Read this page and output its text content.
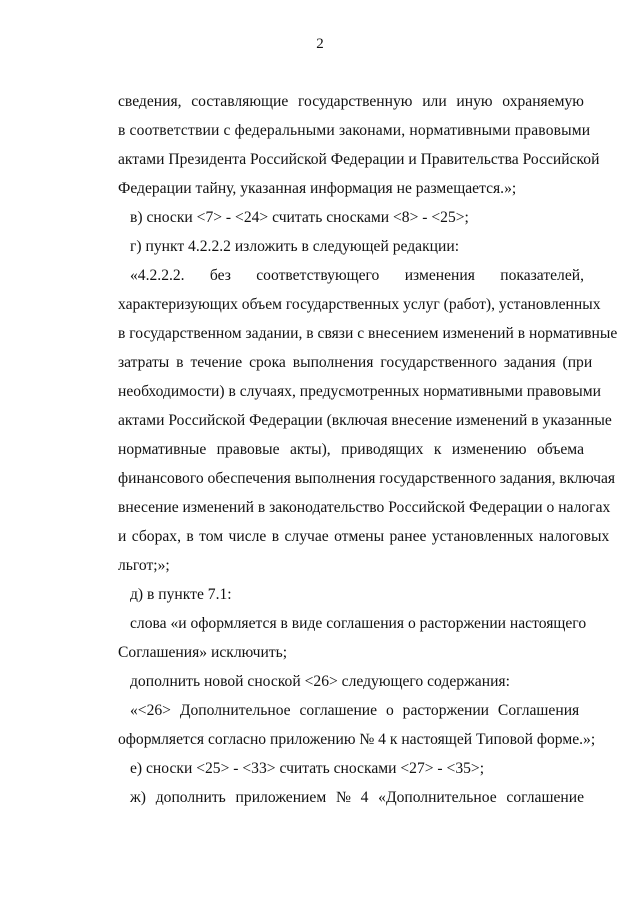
2
сведения, составляющие государственную или иную охраняемую
в соответствии с федеральными законами, нормативными правовыми
актами Президента Российской Федерации и Правительства Российской
Федерации тайну, указанная информация не размещается.»;
в) сноски <7> - <24> считать сносками <8> - <25>;
г) пункт 4.2.2.2 изложить в следующей редакции:
«4.2.2.2. без соответствующего изменения показателей,
характеризующих объем государственных услуг (работ), установленных
в государственном задании, в связи с внесением изменений в нормативные
затраты в течение срока выполнения государственного задания (при
необходимости) в случаях, предусмотренных нормативными правовыми
актами Российской Федерации (включая внесение изменений в указанные
нормативные правовые акты), приводящих к изменению объема
финансового обеспечения выполнения государственного задания, включая
внесение изменений в законодательство Российской Федерации о налогах
и сборах, в том числе в случае отмены ранее установленных налоговых
льгот;»;
д) в пункте 7.1:
слова «и оформляется в виде соглашения о расторжении настоящего
Соглашения» исключить;
дополнить новой сноской <26> следующего содержания:
«<26> Дополнительное соглашение о расторжении Соглашения
оформляется согласно приложению № 4 к настоящей Типовой форме.»;
е) сноски <25> - <33> считать сносками <27> - <35>;
ж) дополнить приложением № 4 «Дополнительное соглашение
